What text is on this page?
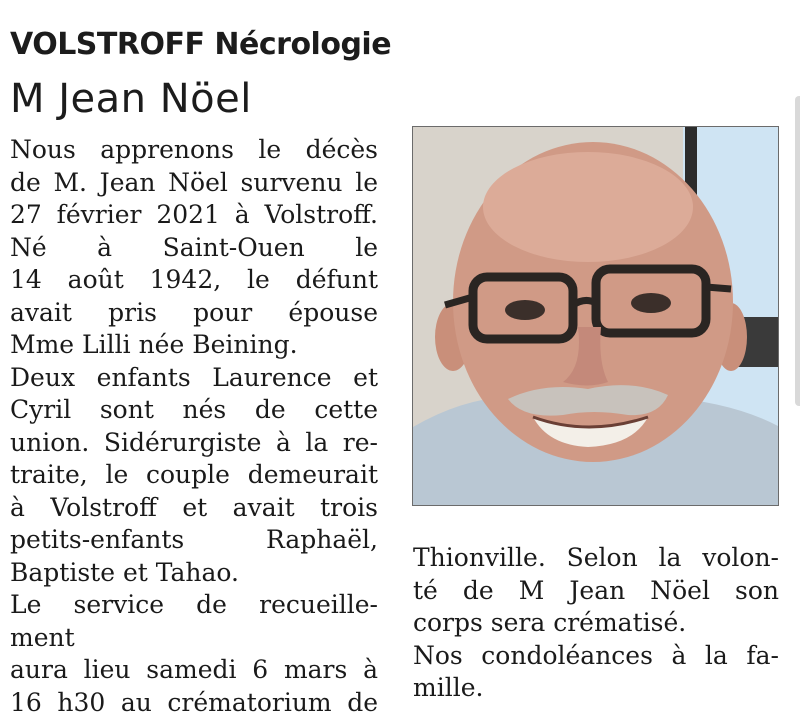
VOLSTROFF Nécrologie
M Jean Nöel
Nous apprenons le décès
de M. Jean Nöel survenu le
27 février 2021 à Volstroff.
Né à Saint-Ouen le
14 août 1942, le défunt
avait pris pour épouse
Mme Lilli née Beining.
Deux enfants Laurence et
Cyril sont nés de cette
union. Sidérurgiste à la re-
traite, le couple demeurait
à Volstroff et avait trois
petits-enfants Raphaël,
Baptiste et Tahao.
Le service de recueille-
ment
aura lieu samedi 6 mars à
16 h30 au crématorium de
Thionville. Selon la volon-
té de M Jean Nöel son
corps sera crématisé.
Nos condoléances à la fa-
mille.
